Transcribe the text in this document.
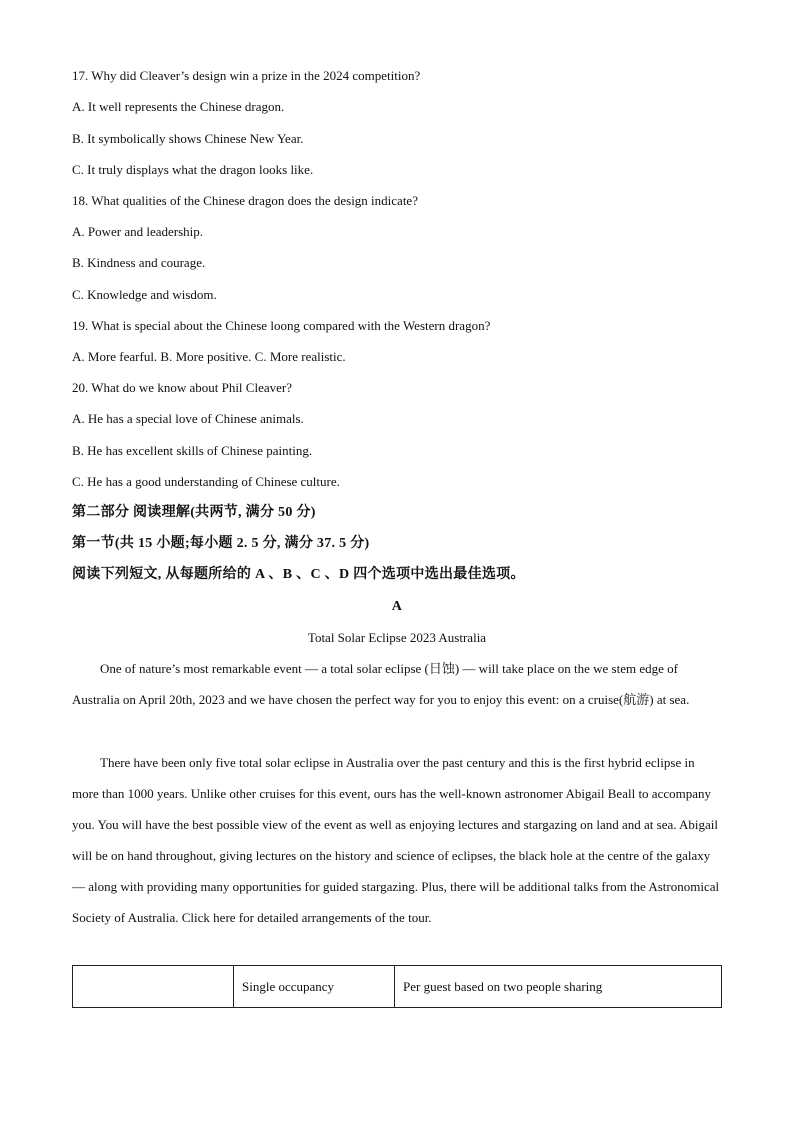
17. Why did Cleaver’s design win a prize in the 2024 competition?
A. It well represents the Chinese dragon.
B. It symbolically shows Chinese New Year.
C. It truly displays what the dragon looks like.
18. What qualities of the Chinese dragon does the design indicate?
A. Power and leadership.
B. Kindness and courage.
C. Knowledge and wisdom.
19. What is special about the Chinese loong compared with the Western dragon?
A. More fearful. B. More positive. C. More realistic.
20. What do we know about Phil Cleaver?
A. He has a special love of Chinese animals.
B. He has excellent skills of Chinese painting.
C. He has a good understanding of Chinese culture.
第二部分 阅读理解(共两节, 满分 50 分)
第一节(共 15 小题;每小题 2. 5 分, 满分 37. 5 分)
阅读下列短文, 从每题所给的 A 、B 、C 、D 四个选项中选出最佳选项。
A
Total Solar Eclipse 2023 Australia
One of nature’s most remarkable event — a total solar eclipse (日蚀) — will take place on the we stem edge of Australia on April 20th, 2023 and we have chosen the perfect way for you to enjoy this event: on a cruise(航游) at sea.
There have been only five total solar eclipse in Australia over the past century and this is the first hybrid eclipse in more than 1000 years. Unlike other cruises for this event, ours has the well-known astronomer Abigail Beall to accompany you. You will have the best possible view of the event as well as enjoying lectures and stargazing on land and at sea. Abigail will be on hand throughout, giving lectures on the history and science of eclipses, the black hole at the centre of the galaxy — along with providing many opportunities for guided stargazing. Plus, there will be additional talks from the Astronomical Society of Australia. Click here for detailed arrangements of the tour.
	Single occupancy	Per guest based on two people sharing
